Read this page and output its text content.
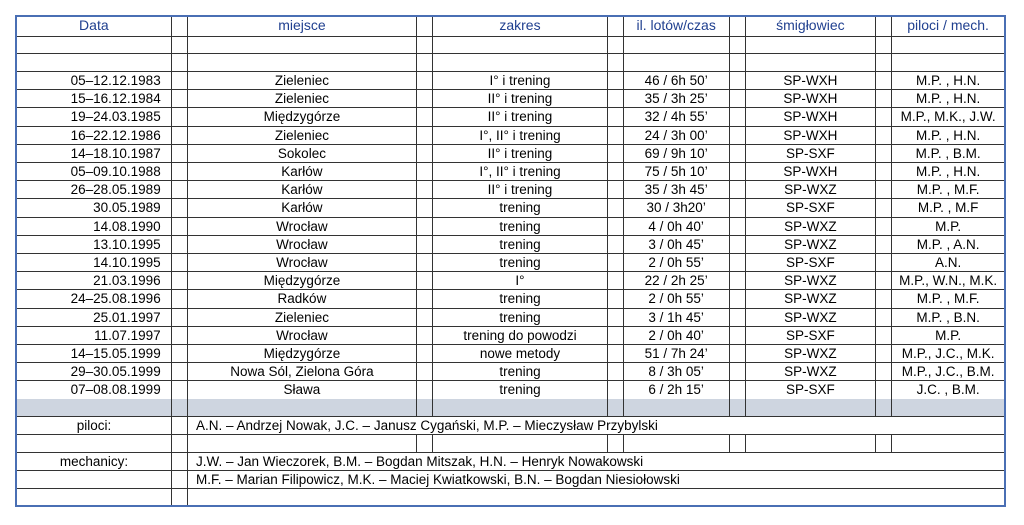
Data	miejsce	zakres	il. lotów/czas	śmigłowiec	piloci / mech.
05–12.12.1983	Zieleniec	I° i trening	46 / 6h 50’	SP-WXH	M.P. , H.N.
15–16.12.1984	Zieleniec	II° i trening	35 / 3h 25’	SP-WXH	M.P. , H.N.
19–24.03.1985	Międzygórze	II° i trening	32 / 4h 55’	SP-WXH	M.P., M.K., J.W.
16–22.12.1986	Zieleniec	I°, II° i trening	24 / 3h 00’	SP-WXH	M.P. , H.N.
14–18.10.1987	Sokolec	II° i trening	69 / 9h 10’	SP-SXF	M.P. , B.M.
05–09.10.1988	Karłów	I°, II° i trening	75 / 5h 10’	SP-WXH	M.P. , H.N.
26–28.05.1989	Karłów	II° i trening	35 / 3h 45’	SP-WXZ	M.P. , M.F.
30.05.1989	Karłów	trening	30 / 3h20’	SP-SXF	M.P. , M.F
14.08.1990	Wrocław	trening	4 / 0h 40’	SP-WXZ	M.P.
13.10.1995	Wrocław	trening	3 / 0h 45’	SP-WXZ	M.P. , A.N.
14.10.1995	Wrocław	trening	2 / 0h 55’	SP-SXF	A.N.
21.03.1996	Międzygórze	I°	22 / 2h 25’	SP-WXZ	M.P., W.N., M.K.
24–25.08.1996	Radków	trening	2 / 0h 55’	SP-WXZ	M.P. , M.F.
25.01.1997	Zieleniec	trening	3 / 1h 45’	SP-WXZ	M.P. , B.N.
11.07.1997	Wrocław	trening do powodzi	2 / 0h 40’	SP-SXF	M.P.
14–15.05.1999	Międzygórze	nowe metody	51 / 7h 24’	SP-WXZ	M.P., J.C., M.K.
29–30.05.1999	Nowa Sól, Zielona Góra	trening	8 / 3h 05’	SP-WXZ	M.P., J.C., B.M.
07–08.08.1999	Sława	trening	6 / 2h 15’	SP-SXF	J.C. , B.M.
piloci:	A.N. – Andrzej Nowak, J.C. – Janusz Cygański, M.P. – Mieczysław Przybylski
mechanicy:	J.W. – Jan Wieczorek, B.M. – Bogdan Mitszak, H.N. – Henryk Nowakowski
M.F. – Marian Filipowicz, M.K. – Maciej Kwiatkowski, B.N. – Bogdan Niesiołowski
